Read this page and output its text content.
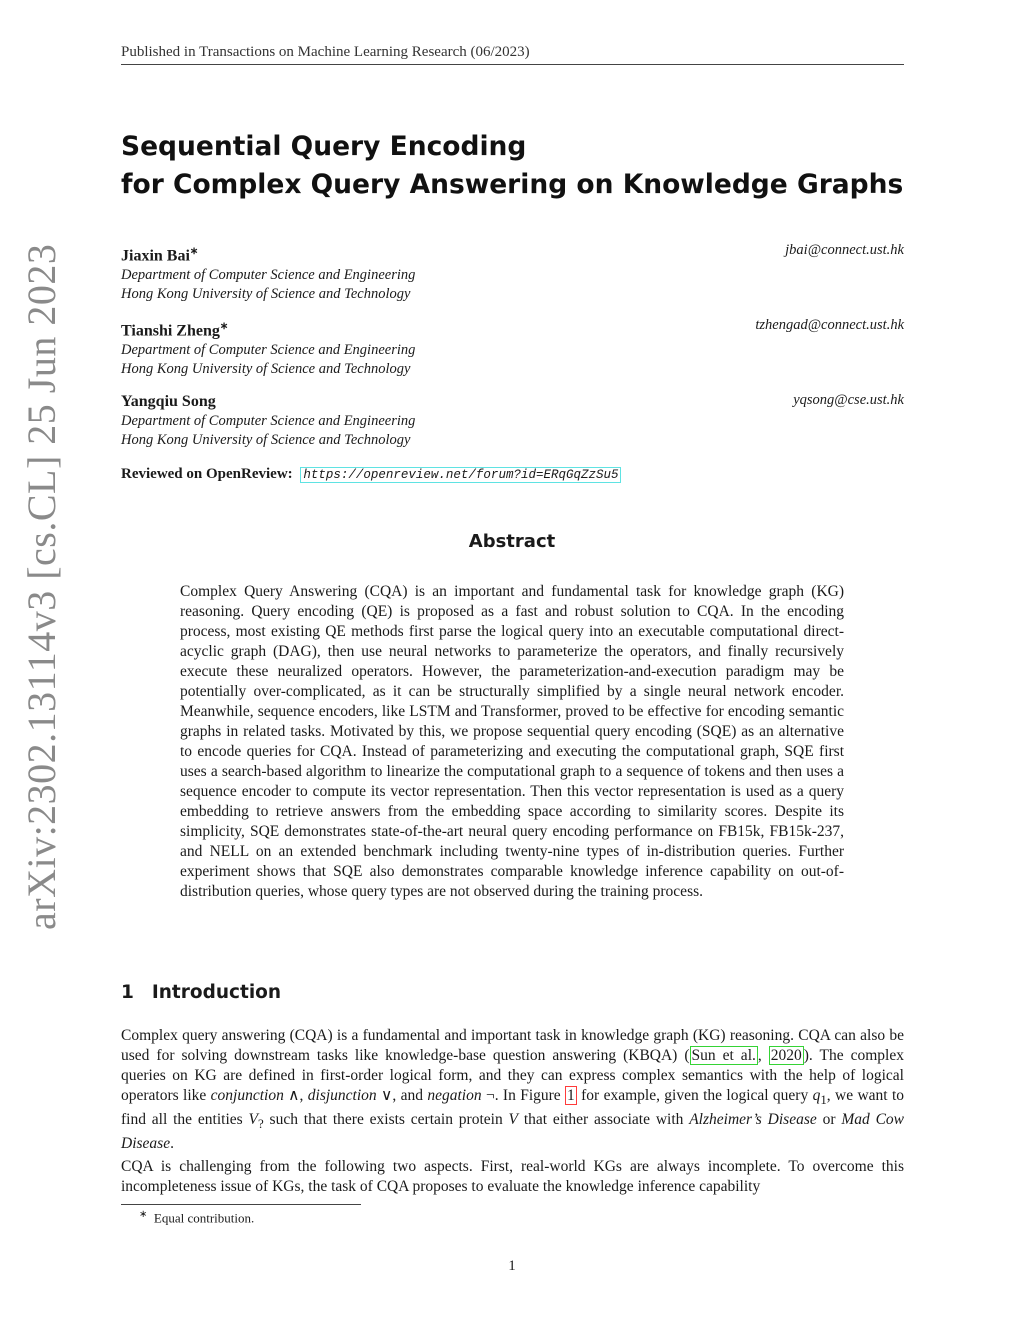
Published in Transactions on Machine Learning Research (06/2023)
arXiv:2302.13114v3 [cs.CL] 25 Jun 2023
Sequential Query Encoding
for Complex Query Answering on Knowledge Graphs
Jiaxin Bai∗	jbai@connect.ust.hk
Department of Computer Science and Engineering
Hong Kong University of Science and Technology
Tianshi Zheng∗	tzhengad@connect.ust.hk
Department of Computer Science and Engineering
Hong Kong University of Science and Technology
Yangqiu Song	yqsong@cse.ust.hk
Department of Computer Science and Engineering
Hong Kong University of Science and Technology
Reviewed on OpenReview: https://openreview.net/forum?id=ERqGqZzSu5
Abstract
Complex Query Answering (CQA) is an important and fundamental task for knowledge graph (KG) reasoning. Query encoding (QE) is proposed as a fast and robust solution to CQA. In the encoding process, most existing QE methods first parse the logical query into an executable computational direct-acyclic graph (DAG), then use neural networks to parameterize the operators, and finally recursively execute these neuralized operators. However, the parameterization-and-execution paradigm may be potentially over-complicated, as it can be structurally simplified by a single neural network encoder. Meanwhile, sequence encoders, like LSTM and Transformer, proved to be effective for encoding semantic graphs in related tasks. Motivated by this, we propose sequential query encoding (SQE) as an alternative to encode queries for CQA. Instead of parameterizing and executing the computational graph, SQE first uses a search-based algorithm to linearize the computational graph to a sequence of tokens and then uses a sequence encoder to compute its vector representation. Then this vector representation is used as a query embedding to retrieve answers from the embedding space according to similarity scores. Despite its simplicity, SQE demonstrates state-of-the-art neural query encoding performance on FB15k, FB15k-237, and NELL on an extended benchmark including twenty-nine types of in-distribution queries. Further experiment shows that SQE also demonstrates comparable knowledge inference capability on out-of-distribution queries, whose query types are not observed during the training process.
1 Introduction
Complex query answering (CQA) is a fundamental and important task in knowledge graph (KG) reasoning. CQA can also be used for solving downstream tasks like knowledge-base question answering (KBQA) ( Sun et al. , 2020 ). The complex queries on KG are defined in first-order logical form, and they can express complex semantics with the help of logical operators like conjunction ∧, disjunction ∨, and negation ¬. In Figure 1 for example, given the logical query $q_1$, we want to find all the entities $V_?$ such that there exists certain protein V that either associate with Alzheimer’s Disease or Mad Cow Disease.
CQA is challenging from the following two aspects. First, real-world KGs are always incomplete. To overcome this incompleteness issue of KGs, the task of CQA proposes to evaluate the knowledge inference capability
∗ Equal contribution.
1
